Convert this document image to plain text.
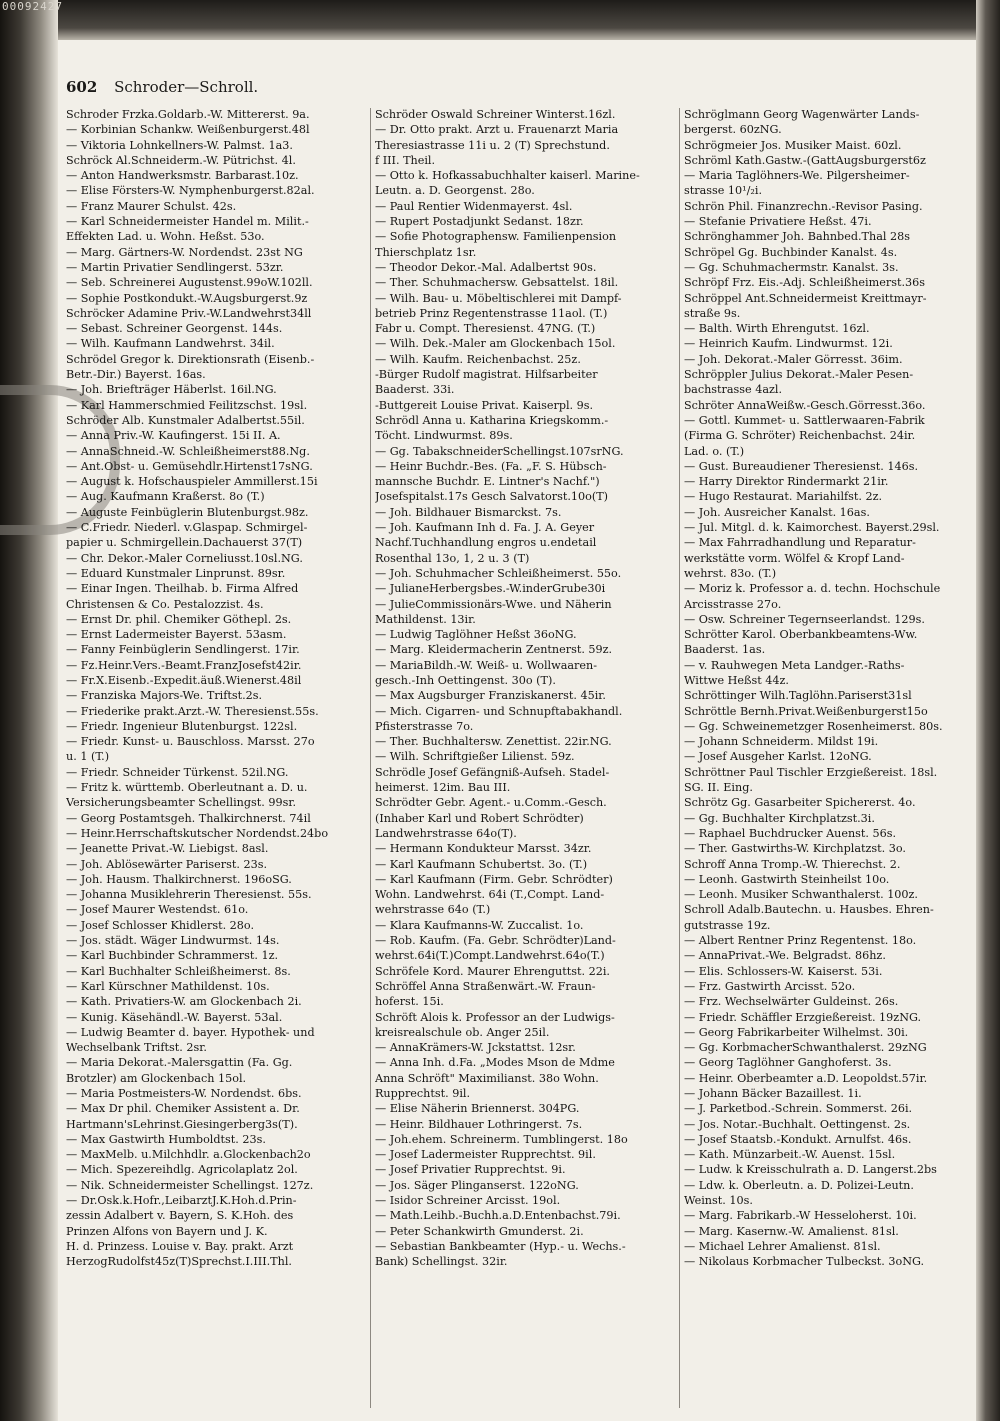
00092427
602 Schroder—Schroll.
Schroder Frzka.Goldarb.-W. Mittererst. 9a.
— Korbinian Schankw. Weißenburgerst.48l
— Viktoria Lohnkellners-W. Palmst. 1a3.
Schröck Al.Schneiderm.-W. Pütrichst. 4l.
— Anton Handwerksmstr. Barbarast.10z.
— Elise Försters-W. Nymphenburgerst.82al.
— Franz Maurer Schulst. 42s.
— Karl Schneidermeister Handel m. Milit.-
Effekten Lad. u. Wohn. Heßst. 53o.
— Marg. Gärtners-W. Nordendst. 23st NG
— Martin Privatier Sendlingerst. 53zr.
— Seb. Schreinerei Augustenst.99oW.102ll.
— Sophie Postkondukt.-W.Augsburgerst.9z
Schröcker Adamine Priv.-W.Landwehrst34ll
— Sebast. Schreiner Georgenst. 144s.
— Wilh. Kaufmann Landwehrst. 34il.
Schrödel Gregor k. Direktionsrath (Eisenb.-
Betr.-Dir.) Bayerst. 16as.
— Joh. Briefträger Häberlst. 16il.NG.
— Karl Hammerschmied Feilitzschst. 19sl.
Schröder Alb. Kunstmaler Adalbertst.55il.
— Anna Priv.-W. Kaufingerst. 15i II. A.
— AnnaSchneid.-W. Schleißheimerst88.Ng.
— Ant.Obst- u. Gemüsehdlr.Hirtenst17sNG.
— August k. Hofschauspieler Ammillerst.15i
— Aug. Kaufmann Kraßerst. 8o (T.)
— Auguste Feinbüglerin Blutenburgst.98z.
— C.Friedr. Niederl. v.Glaspap. Schmirgel-
papier u. Schmirgellein.Dachauerst 37(T)
— Chr. Dekor.-Maler Corneliusst.10sl.NG.
— Eduard Kunstmaler Linprunst. 89sr.
— Einar Ingen. Theilhab. b. Firma Alfred
Christensen & Co. Pestalozzist. 4s.
— Ernst Dr. phil. Chemiker Göthepl. 2s.
— Ernst Ladermeister Bayerst. 53asm.
— Fanny Feinbüglerin Sendlingerst. 17ir.
— Fz.Heinr.Vers.-Beamt.FranzJosefst42ir.
— Fr.X.Eisenb.-Expedit.äuß.Wienerst.48il
— Franziska Majors-We. Triftst.2s.
— Friederike prakt.Arzt.-W. Theresienst.55s.
— Friedr. Ingenieur Blutenburgst. 122sl.
— Friedr. Kunst- u. Bauschloss. Marsst. 27o
u. 1 (T.)
— Friedr. Schneider Türkenst. 52il.NG.
— Fritz k. württemb. Oberleutnant a. D. u.
Versicherungsbeamter Schellingst. 99sr.
— Georg Postamtsgeh. Thalkirchnerst. 74il
— Heinr.Herrschaftskutscher Nordendst.24bo
— Jeanette Privat.-W. Liebigst. 8asl.
— Joh. Ablösewärter Pariserst. 23s.
— Joh. Hausm. Thalkirchnerst. 196oSG.
— Johanna Musiklehrerin Theresienst. 55s.
— Josef Maurer Westendst. 61o.
— Josef Schlosser Khidlerst. 28o.
— Jos. städt. Wäger Lindwurmst. 14s.
— Karl Buchbinder Schrammerst. 1z.
— Karl Buchhalter Schleißheimerst. 8s.
— Karl Kürschner Mathildenst. 10s.
— Kath. Privatiers-W. am Glockenbach 2i.
— Kunig. Käsehändl.-W. Bayerst. 53al.
— Ludwig Beamter d. bayer. Hypothek- und
Wechselbank Triftst. 2sr.
— Maria Dekorat.-Malersgattin (Fa. Gg.
Brotzler) am Glockenbach 15ol.
— Maria Postmeisters-W. Nordendst. 6bs.
— Max Dr phil. Chemiker Assistent a. Dr.
Hartmann'sLehrinst.Giesingerberg3s(T).
— Max Gastwirth Humboldtst. 23s.
— MaxMelb. u.Milchhdlr. a.Glockenbach2o
— Mich. Spezereihdlg. Agricolaplatz 2ol.
— Nik. Schneidermeister Schellingst. 127z.
— Dr.Osk.k.Hofr.,LeibarztJ.K.Hoh.d.Prin-
zessin Adalbert v. Bayern, S. K.Hoh. des
Prinzen Alfons von Bayern und J. K.
H. d. Prinzess. Louise v. Bay. prakt. Arzt
HerzogRudolfst45z(T)Sprechst.I.III.Thl.
Schröder Oswald Schreiner Winterst.16zl.
— Dr. Otto prakt. Arzt u. Frauenarzt Maria
Theresiastrasse 11i u. 2 (T) Sprechstund.
f III. Theil.
— Otto k. Hofkassabuchhalter kaiserl. Marine-
Leutn. a. D. Georgenst. 28o.
— Paul Rentier Widenmayerst. 4sl.
— Rupert Postadjunkt Sedanst. 18zr.
— Sofie Photographensw. Familienpension
Thierschplatz 1sr.
— Theodor Dekor.-Mal. Adalbertst 90s.
— Ther. Schuhmachersw. Gebsattelst. 18il.
— Wilh. Bau- u. Möbeltischlerei mit Dampf-
betrieb Prinz Regentenstrasse 11aol. (T.)
Fabr u. Compt. Theresienst. 47NG. (T.)
— Wilh. Dek.-Maler am Glockenbach 15ol.
— Wilh. Kaufm. Reichenbachst. 25z.
-Bürger Rudolf magistrat. Hilfsarbeiter
Baaderst. 33i.
-Buttgereit Louise Privat. Kaiserpl. 9s.
Schrödl Anna u. Katharina Kriegskomm.-
Töcht. Lindwurmst. 89s.
— Gg. TabakschneiderSchellingst.107srNG.
— Heinr Buchdr.-Bes. (Fa. „F. S. Hübsch-
mannsche Buchdr. E. Lintner's Nachf.")
Josefspitalst.17s Gesch Salvatorst.10o(T)
— Joh. Bildhauer Bismarckst. 7s.
— Joh. Kaufmann Inh d. Fa. J. A. Geyer
Nachf.Tuchhandlung engros u.endetail
Rosenthal 13o, 1, 2 u. 3 (T)
— Joh. Schuhmacher Schleißheimerst. 55o.
— JulianeHerbergsbes.-W.inderGrube30i
— JulieCommissionärs-Wwe. und Näherin
Mathildenst. 13ir.
— Ludwig Taglöhner Heßst 36oNG.
— Marg. Kleidermacherin Zentnerst. 59z.
— MariaBildh.-W. Weiß- u. Wollwaaren-
gesch.-Inh Oettingenst. 30o (T).
— Max Augsburger Franziskanerst. 45ir.
— Mich. Cigarren- und Schnupftabakhandl.
Pfisterstrasse 7o.
— Ther. Buchhaltersw. Zenettist. 22ir.NG.
— Wilh. Schriftgießer Lilienst. 59z.
Schrödle Josef Gefängniß-Aufseh. Stadel-
heimerst. 12im. Bau III.
Schrödter Gebr. Agent.- u.Comm.-Gesch.
(Inhaber Karl und Robert Schrödter)
Landwehrstrasse 64o(T).
— Hermann Kondukteur Marsst. 34zr.
— Karl Kaufmann Schubertst. 3o. (T.)
— Karl Kaufmann (Firm. Gebr. Schrödter)
Wohn. Landwehrst. 64i (T.,Compt. Land-
wehrstrasse 64o (T.)
— Klara Kaufmanns-W. Zuccalist. 1o.
— Rob. Kaufm. (Fa. Gebr. Schrödter)Land-
wehrst.64i(T.)Compt.Landwehrst.64o(T.)
Schröfele Kord. Maurer Ehrenguttst. 22i.
Schröffel Anna Straßenwärt.-W. Fraun-
hoferst. 15i.
Schröft Alois k. Professor an der Ludwigs-
kreisrealschule ob. Anger 25il.
— AnnaKrämers-W. Jckstattst. 12sr.
— Anna Inh. d.Fa. „Modes Mson de Mdme
Anna Schröft" Maximilianst. 38o Wohn.
Rupprechtst. 9il.
— Elise Näherin Briennerst. 304PG.
— Heinr. Bildhauer Lothringerst. 7s.
— Joh.ehem. Schreinerm. Tumblingerst. 18o
— Josef Ladermeister Rupprechtst. 9il.
— Josef Privatier Rupprechtst. 9i.
— Jos. Säger Plinganserst. 122oNG.
— Isidor Schreiner Arcisst. 19ol.
— Math.Leihb.-Buchh.a.D.Entenbachst.79i.
— Peter Schankwirth Gmunderst. 2i.
— Sebastian Bankbeamter (Hyp.- u. Wechs.-
Bank) Schellingst. 32ir.
Schröglmann Georg Wagenwärter Lands-
bergerst. 60zNG.
Schrögmeier Jos. Musiker Maist. 60zl.
Schröml Kath.Gastw.-(GattAugsburgerst6z
— Maria Taglöhners-We. Pilgersheimer-
strasse 10¹/₂i.
Schrön Phil. Finanzrechn.-Revisor Pasing.
— Stefanie Privatiere Heßst. 47i.
Schrönghammer Joh. Bahnbed.Thal 28s
Schröpel Gg. Buchbinder Kanalst. 4s.
— Gg. Schuhmachermstr. Kanalst. 3s.
Schröpf Frz. Eis.-Adj. Schleißheimerst.36s
Schröppel Ant.Schneidermeist Kreittmayr-
straße 9s.
— Balth. Wirth Ehrengutst. 16zl.
— Heinrich Kaufm. Lindwurmst. 12i.
— Joh. Dekorat.-Maler Görresst. 36im.
Schröppler Julius Dekorat.-Maler Pesen-
bachstrasse 4azl.
Schröter AnnaWeißw.-Gesch.Görresst.36o.
— Gottl. Kummet- u. Sattlerwaaren-Fabrik
(Firma G. Schröter) Reichenbachst. 24ir.
Lad. o. (T.)
— Gust. Bureaudiener Theresienst. 146s.
— Harry Direktor Rindermarkt 21ir.
— Hugo Restaurat. Mariahilfst. 2z.
— Joh. Ausreicher Kanalst. 16as.
— Jul. Mitgl. d. k. Kaimorchest. Bayerst.29sl.
— Max Fahrradhandlung und Reparatur-
werkstätte vorm. Wölfel & Kropf Land-
wehrst. 83o. (T.)
— Moriz k. Professor a. d. techn. Hochschule
Arcisstrasse 27o.
— Osw. Schreiner Tegernseerlandst. 129s.
Schrötter Karol. Oberbankbeamtens-Ww.
Baaderst. 1as.
— v. Rauhwegen Meta Landger.-Raths-
Wittwe Heßst 44z.
Schröttinger Wilh.Taglöhn.Pariserst31sl
Schröttle Bernh.Privat.Weißenburgerst15o
— Gg. Schweinemetzger Rosenheimerst. 80s.
— Johann Schneiderm. Mildst 19i.
— Josef Ausgeher Karlst. 12oNG.
Schröttner Paul Tischler Erzgießereist. 18sl.
SG. II. Eing.
Schrötz Gg. Gasarbeiter Spichererst. 4o.
— Gg. Buchhalter Kirchplatzst.3i.
— Raphael Buchdrucker Auenst. 56s.
— Ther. Gastwirths-W. Kirchplatzst. 3o.
Schroff Anna Tromp.-W. Thierechst. 2.
— Leonh. Gastwirth Steinheilst 10o.
— Leonh. Musiker Schwanthalerst. 100z.
Schroll Adalb.Bautechn. u. Hausbes. Ehren-
gutstrasse 19z.
— Albert Rentner Prinz Regentenst. 18o.
— AnnaPrivat.-We. Belgradst. 86hz.
— Elis. Schlossers-W. Kaiserst. 53i.
— Frz. Gastwirth Arcisst. 52o.
— Frz. Wechselwärter Guldeinst. 26s.
— Friedr. Schäffler Erzgießereist. 19zNG.
— Georg Fabrikarbeiter Wilhelmst. 30i.
— Gg. KorbmacherSchwanthalerst. 29zNG
— Georg Taglöhner Ganghoferst. 3s.
— Heinr. Oberbeamter a.D. Leopoldst.57ir.
— Johann Bäcker Bazaillest. 1i.
— J. Parketbod.-Schrein. Sommerst. 26i.
— Jos. Notar.-Buchhalt. Oettingenst. 2s.
— Josef Staatsb.-Kondukt. Arnulfst. 46s.
— Kath. Münzarbeit.-W. Auenst. 15sl.
— Ludw. k Kreisschulrath a. D. Langerst.2bs
— Ldw. k. Oberleutn. a. D. Polizei-Leutn.
Weinst. 10s.
— Marg. Fabrikarb.-W Hesseloherst. 10i.
— Marg. Kasernw.-W. Amalienst. 81sl.
— Michael Lehrer Amalienst. 81sl.
— Nikolaus Korbmacher Tulbeckst. 3oNG.
